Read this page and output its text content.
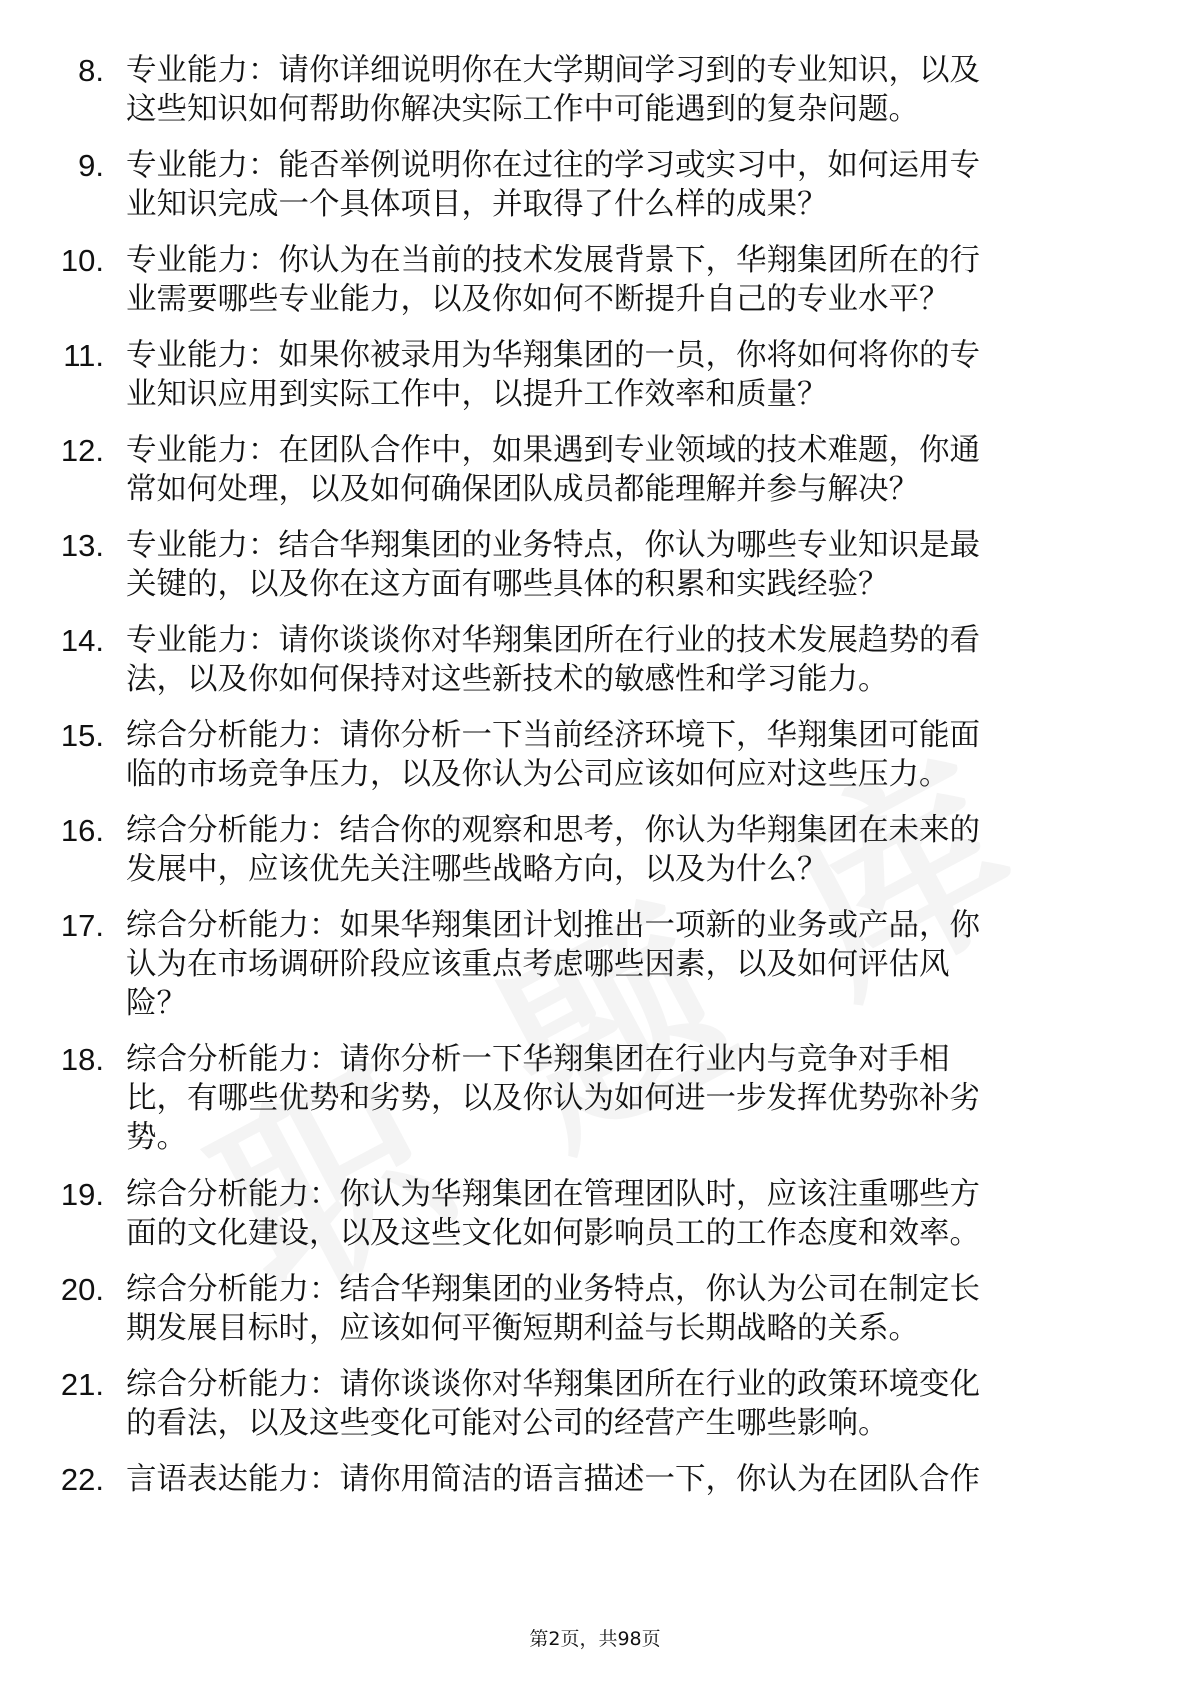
8. 专业能力：请你详细说明你在大学期间学习到的专业知识，以及
这些知识如何帮助你解决实际工作中可能遇到的复杂问题。
9. 专业能力：能否举例说明你在过往的学习或实习中，如何运用专
业知识完成一个具体项目，并取得了什么样的成果？
10. 专业能力：你认为在当前的技术发展背景下，华翔集团所在的行
业需要哪些专业能力，以及你如何不断提升自己的专业水平？
11. 专业能力：如果你被录用为华翔集团的一员，你将如何将你的专
业知识应用到实际工作中，以提升工作效率和质量？
12. 专业能力：在团队合作中，如果遇到专业领域的技术难题，你通
常如何处理，以及如何确保团队成员都能理解并参与解决？
13. 专业能力：结合华翔集团的业务特点，你认为哪些专业知识是最
关键的，以及你在这方面有哪些具体的积累和实践经验？
14. 专业能力：请你谈谈你对华翔集团所在行业的技术发展趋势的看
法，以及你如何保持对这些新技术的敏感性和学习能力。
15. 综合分析能力：请你分析一下当前经济环境下，华翔集团可能面
临的市场竞争压力，以及你认为公司应该如何应对这些压力。
16. 综合分析能力：结合你的观察和思考，你认为华翔集团在未来的
发展中，应该优先关注哪些战略方向，以及为什么？
17. 综合分析能力：如果华翔集团计划推出一项新的业务或产品，你
认为在市场调研阶段应该重点考虑哪些因素，以及如何评估风
险？
18. 综合分析能力：请你分析一下华翔集团在行业内与竞争对手相
比，有哪些优势和劣势，以及你认为如何进一步发挥优势弥补劣
势。
19. 综合分析能力：你认为华翔集团在管理团队时，应该注重哪些方
面的文化建设，以及这些文化如何影响员工的工作态度和效率。
20. 综合分析能力：结合华翔集团的业务特点，你认为公司在制定长
期发展目标时，应该如何平衡短期利益与长期战略的关系。
21. 综合分析能力：请你谈谈你对华翔集团所在行业的政策环境变化
的看法，以及这些变化可能对公司的经营产生哪些影响。
22. 言语表达能力：请你用简洁的语言描述一下，你认为在团队合作
第2页，共98页
